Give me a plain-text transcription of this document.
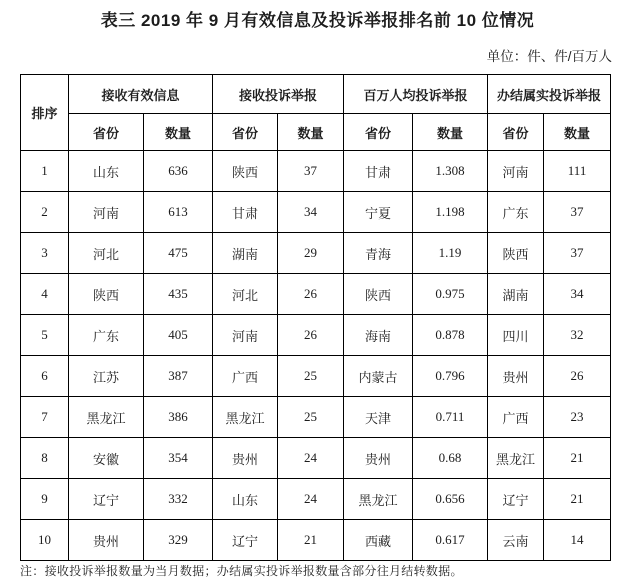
表三 2019 年 9 月有效信息及投诉举报排名前 10 位情况
单位：件、件/百万人
排序	接收有效信息		接收投诉举报		百万人均投诉举报		办结属实投诉举报	
	省份	数量	省份	数量	省份	数量	省份	数量
1	山东	636	陕西	37	甘肃	1.308	河南	111
2	河南	613	甘肃	34	宁夏	1.198	广东	37
3	河北	475	湖南	29	青海	1.19	陕西	37
4	陕西	435	河北	26	陕西	0.975	湖南	34
5	广东	405	河南	26	海南	0.878	四川	32
6	江苏	387	广西	25	内蒙古	0.796	贵州	26
7	黑龙江	386	黑龙江	25	天津	0.711	广西	23
8	安徽	354	贵州	24	贵州	0.68	黑龙江	21
9	辽宁	332	山东	24	黑龙江	0.656	辽宁	21
10	贵州	329	辽宁	21	西藏	0.617	云南	14
注：接收投诉举报数量为当月数据；办结属实投诉举报数量含部分往月结转数据。
